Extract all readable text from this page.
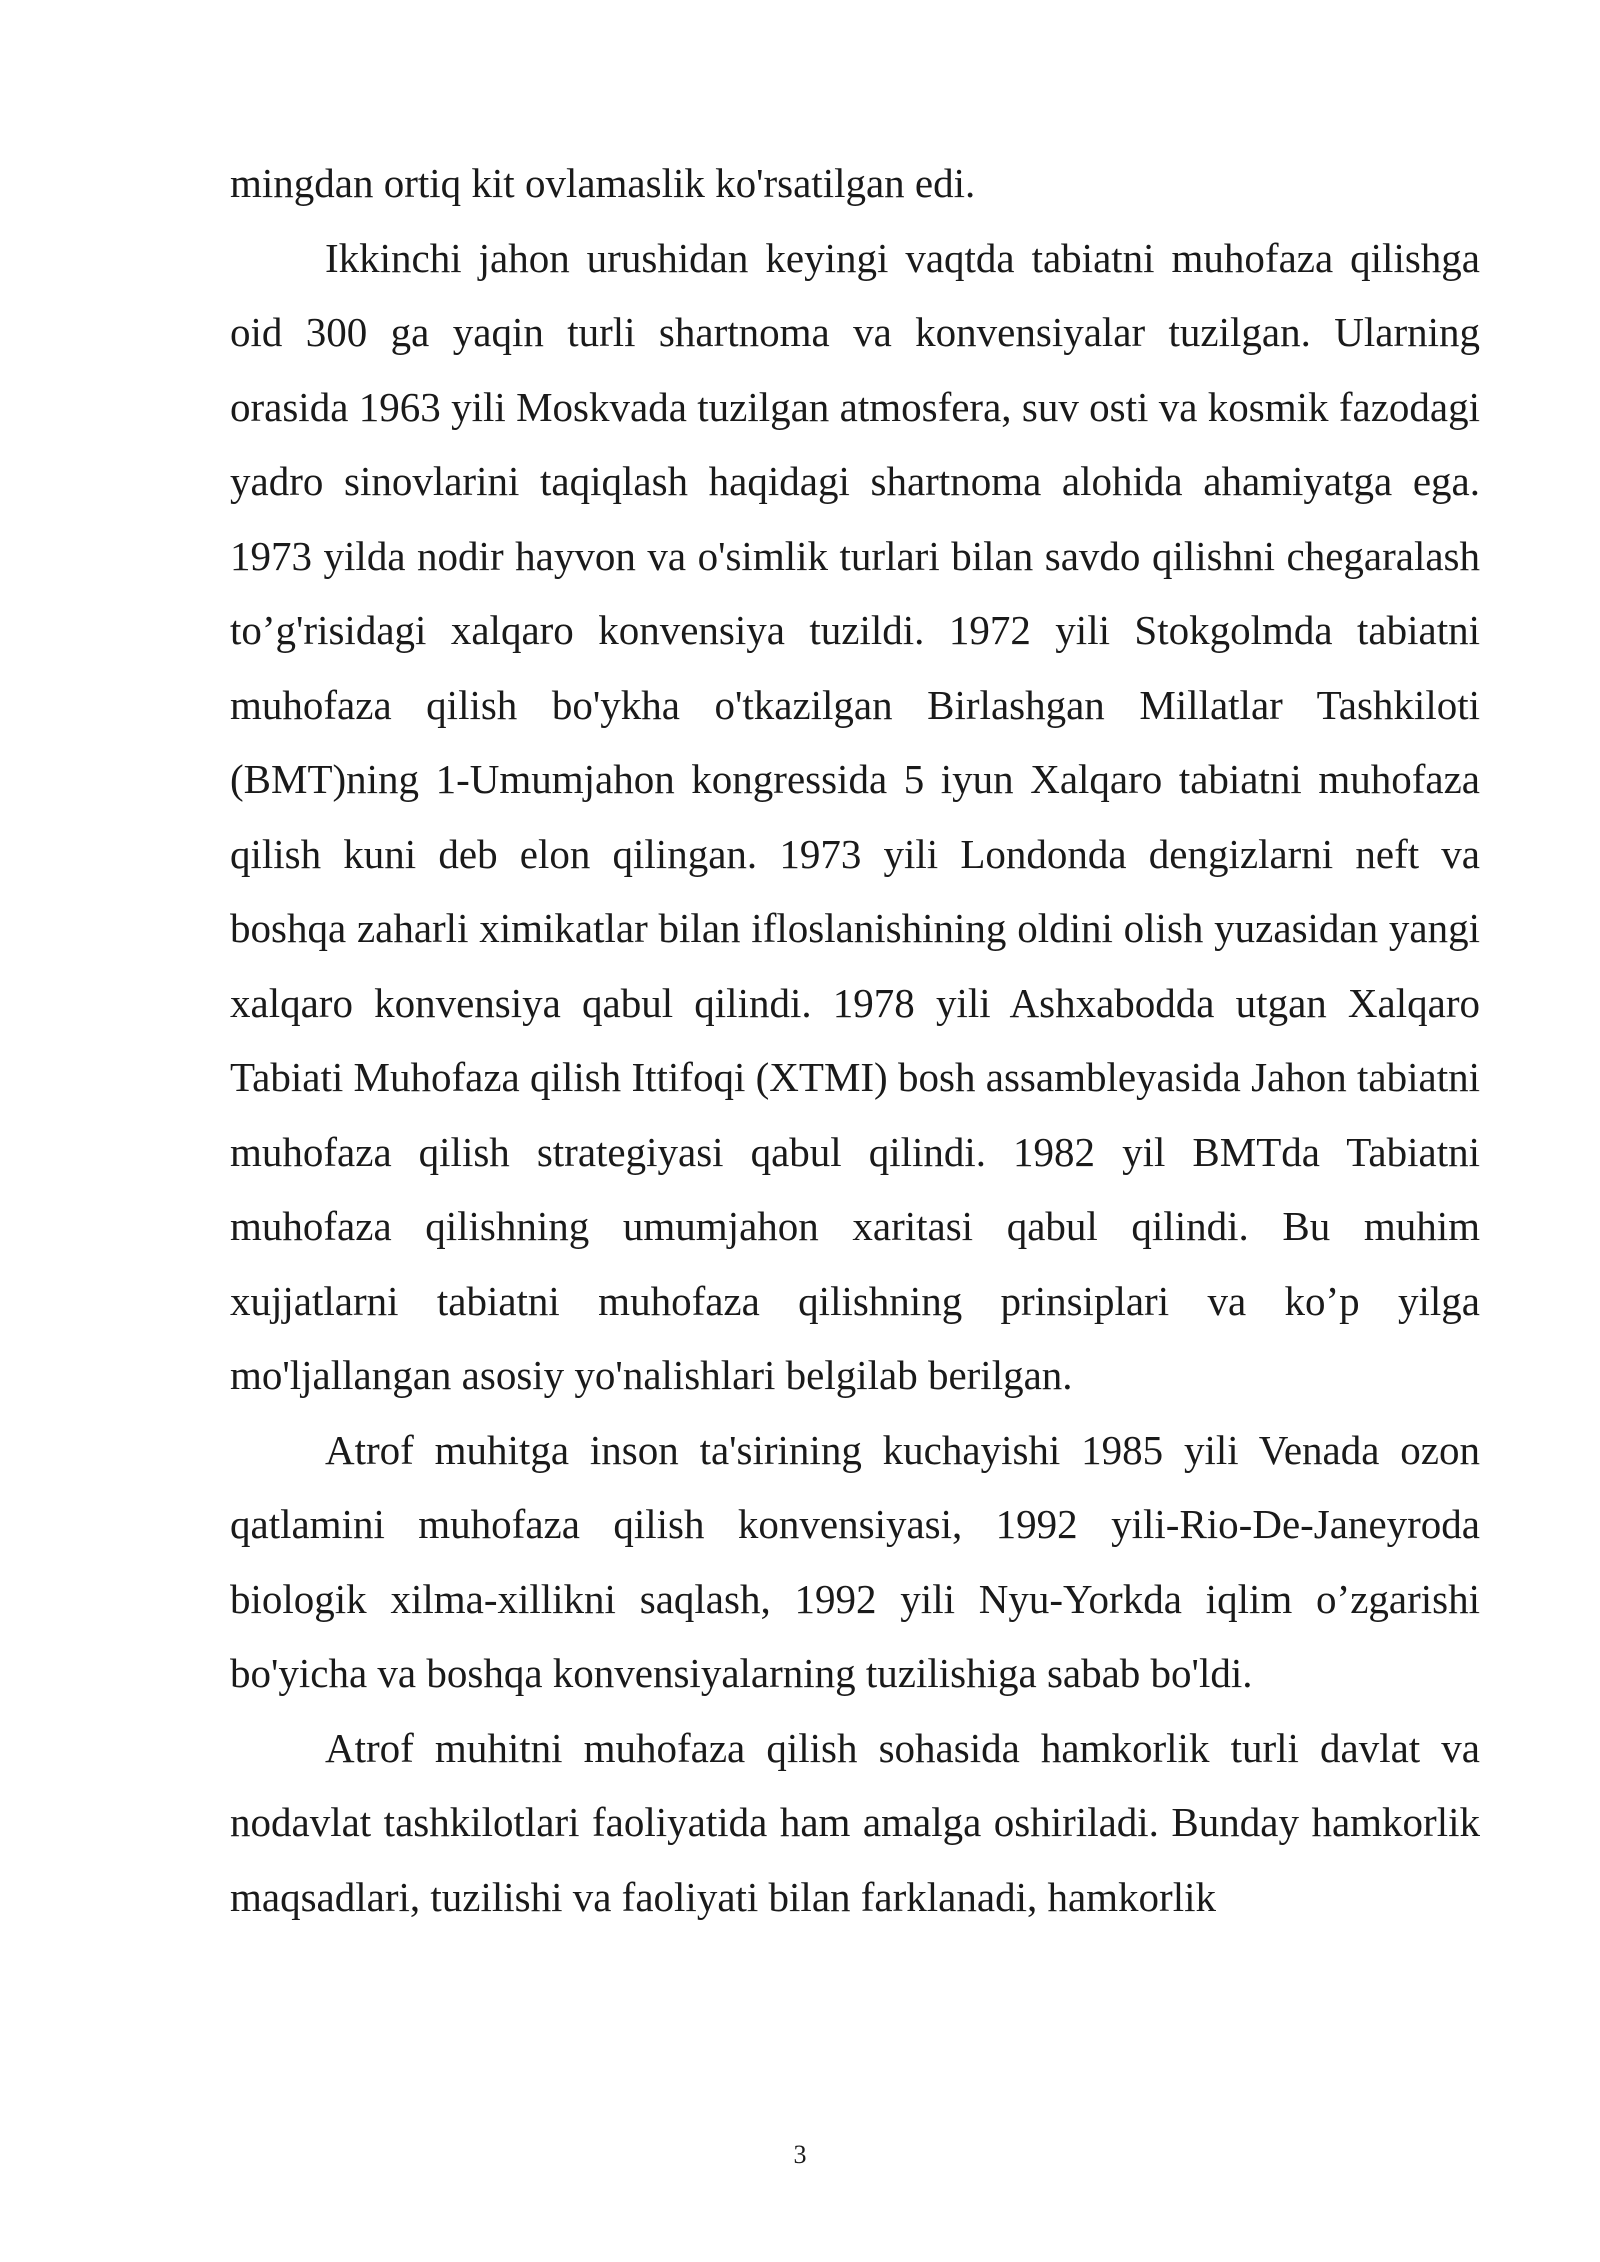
mingdan ortiq kit ovlamaslik ko'rsatilgan edi.

Ikkinchi jahon urushidan keyingi vaqtda tabiatni muhofaza qilishga oid 300 ga yaqin turli shartnoma va konvensiyalar tuzilgan. Ularning orasida 1963 yili Moskvada tuzilgan atmosfera, suv osti va kosmik fazodagi yadro sinovlarini taqiqlash haqidagi shartnoma alohida ahamiyatga ega. 1973 yilda nodir hayvon va o'simlik turlari bilan savdo qilishni chegaralash to’g'risidagi xalqaro konvensiya tuzildi. 1972 yili Stokgolmda tabiatni muhofaza qilish bo'ykha o'tkazilgan Birlashgan Millatlar Tashkiloti (BMT)ning 1-Umumjahon kongressida 5 iyun Xalqaro tabiatni muhofaza qilish kuni deb elon qilingan. 1973 yili Londonda dengizlarni neft va boshqa zaharli ximikatlar bilan ifloslanishining oldini olish yuzasidan yangi xalqaro konvensiya qabul qilindi. 1978 yili Ashxabodda utgan Xalqaro Tabiati Muhofaza qilish Ittifoqi (XTMI) bosh assambleyasida Jahon tabiatni muhofaza qilish strategiyasi qabul qilindi. 1982 yil BMTda Tabiatni muhofaza qilishning umumjahon xaritasi qabul qilindi. Bu muhim xujjatlarni tabiatni muhofaza qilishning prinsiplari va ko’p yilga mo'ljallangan asosiy yo'nalishlari belgilab berilgan.

Atrof muhitga inson ta'sirining kuchayishi 1985 yili Venada ozon qatlamini muhofaza qilish konvensiyasi, 1992 yili-Rio-De-Janeyroda biologik xilma-xillikni saqlash, 1992 yili Nyu-Yorkda iqlim o’zgarishi bo'yicha va boshqa konvensiyalarning tuzilishiga sabab bo'ldi.

Atrof muhitni muhofaza qilish sohasida hamkorlik turli davlat va nodavlat tashkilotlari faoliyatida ham amalga oshiriladi. Bunday hamkorlik maqsadlari, tuzilishi va faoliyati bilan farklanadi, hamkorlik

3
